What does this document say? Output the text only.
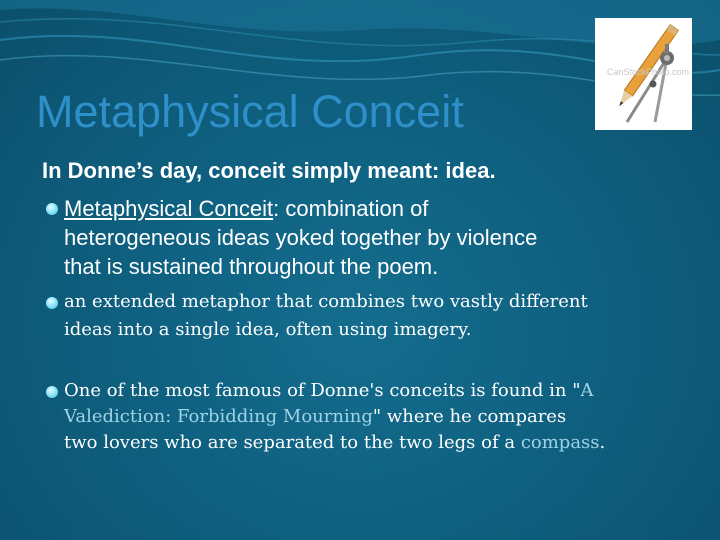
Metaphysical Conceit
CanStockPhoto.com
In Donne’s day, conceit simply meant: idea.
Metaphysical Conceit: combination of
heterogeneous ideas yoked together by violence
that is sustained throughout the poem.
an extended metaphor that combines two vastly different
ideas into a single idea, often using imagery.
One of the most famous of Donne's conceits is found in "A
Valediction: Forbidding Mourning" where he compares
two lovers who are separated to the two legs of a compass.
